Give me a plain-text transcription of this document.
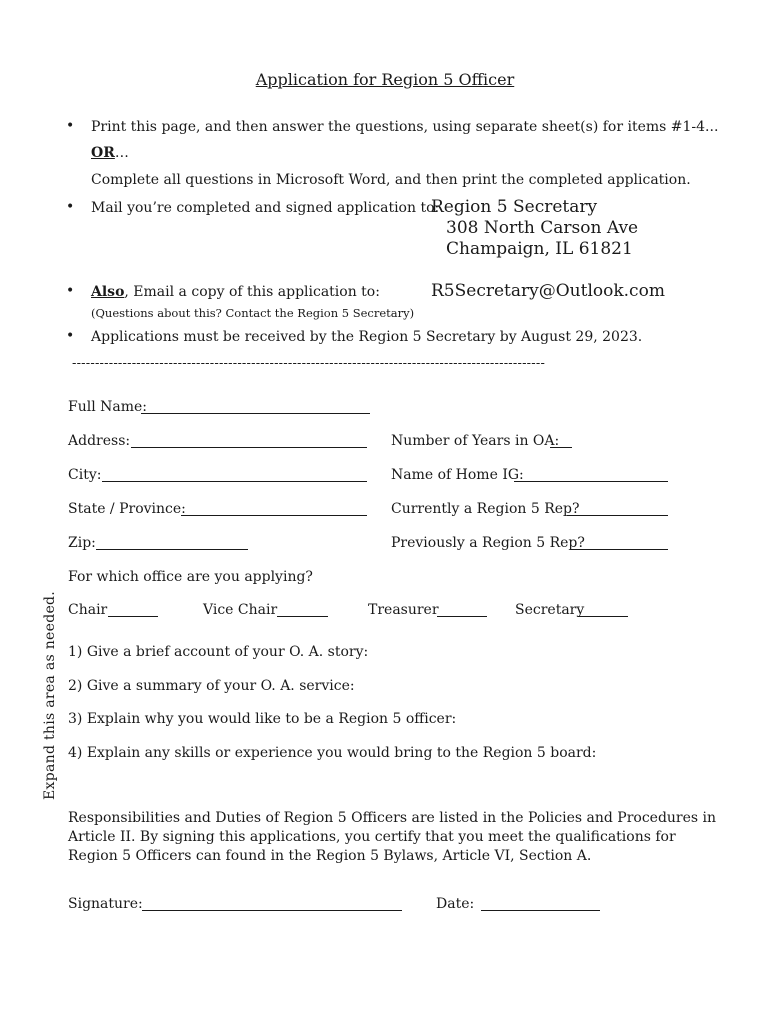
Application for Region 5 Officer
• Print this page, and then answer the questions, using separate sheet(s) for items #1-4...
OR…
Complete all questions in Microsoft Word, and then print the completed application.
• Mail you’re completed and signed application to:
Region 5 Secretary
308 North Carson Ave
Champaign, IL 61821
• Also, Email a copy of this application to:	R5Secretary@Outlook.com
(Questions about this? Contact the Region 5 Secretary)
• Applications must be received by the Region 5 Secretary by August 29, 2023.
-------------------------------------------------------------------------------------------------------
Full Name:
Address:	Number of Years in OA:
City:	Name of Home IG:
State / Province:	Currently a Region 5 Rep?
Zip:	Previously a Region 5 Rep?
For which office are you applying?
Chair	Vice Chair	Treasurer	Secretary
Expand this area as needed. 1) Give a brief account of your O. A. story:
2) Give a summary of your O. A. service:
3) Explain why you would like to be a Region 5 officer:
4) Explain any skills or experience you would bring to the Region 5 board:
Responsibilities and Duties of Region 5 Officers are listed in the Policies and Procedures in Article II. By signing this applications, you certify that you meet the qualifications for Region 5 Officers can found in the Region 5 Bylaws, Article VI, Section A.
Signature:	Date:
